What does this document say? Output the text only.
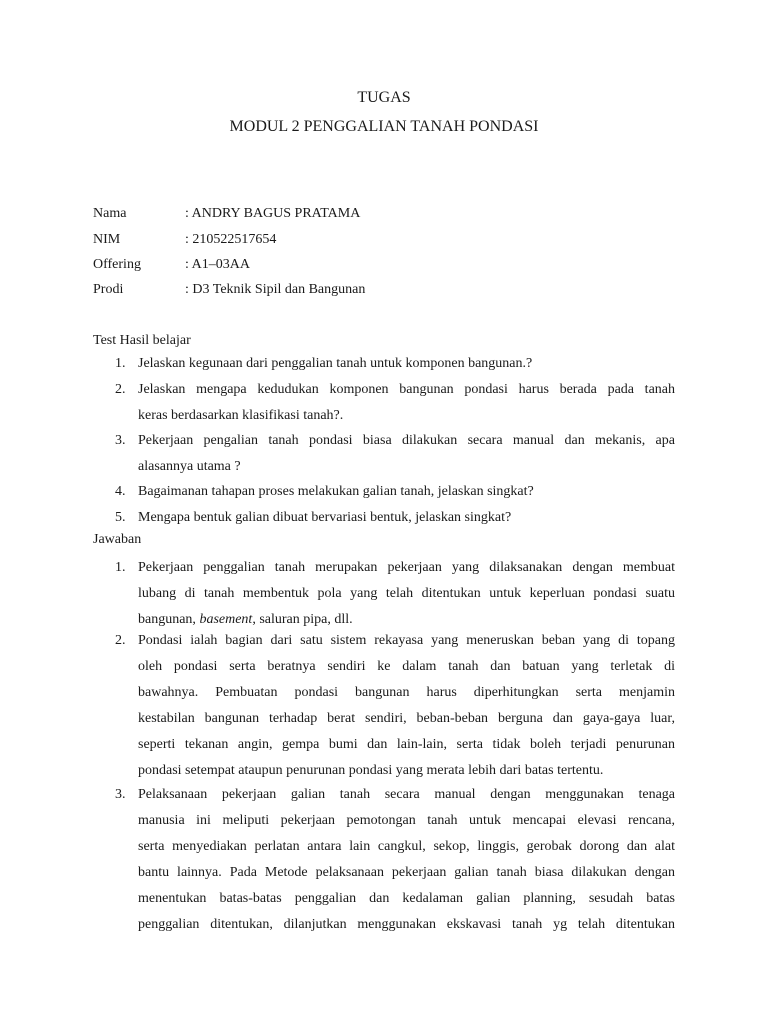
TUGAS
MODUL 2 PENGGALIAN TANAH PONDASI
Nama	: ANDRY BAGUS PRATAMA
NIM	: 210522517654
Offering	: A1–03AA
Prodi	: D3 Teknik Sipil dan Bangunan
Test Hasil belajar
1. Jelaskan kegunaan dari penggalian tanah untuk komponen bangunan.?
2. Jelaskan mengapa kedudukan komponen bangunan pondasi harus berada pada tanah
keras berdasarkan klasifikasi tanah?.
3. Pekerjaan pengalian tanah pondasi biasa dilakukan secara manual dan mekanis, apa
alasannya utama ?
4. Bagaimanan tahapan proses melakukan galian tanah, jelaskan singkat?
5. Mengapa bentuk galian dibuat bervariasi bentuk, jelaskan singkat?
Jawaban
1. Pekerjaan penggalian tanah merupakan pekerjaan yang dilaksanakan dengan membuat
lubang di tanah membentuk pola yang telah ditentukan untuk keperluan pondasi suatu
bangunan, basement, saluran pipa, dll.
2. Pondasi ialah bagian dari satu sistem rekayasa yang meneruskan beban yang di topang
oleh pondasi serta beratnya sendiri ke dalam tanah dan batuan yang terletak di
bawahnya. Pembuatan pondasi bangunan harus diperhitungkan serta menjamin
kestabilan bangunan terhadap berat sendiri, beban-beban berguna dan gaya-gaya luar,
seperti tekanan angin, gempa bumi dan lain-lain, serta tidak boleh terjadi penurunan
pondasi setempat ataupun penurunan pondasi yang merata lebih dari batas tertentu.
3. Pelaksanaan pekerjaan galian tanah secara manual dengan menggunakan tenaga
manusia ini meliputi pekerjaan pemotongan tanah untuk mencapai elevasi rencana,
serta menyediakan perlatan antara lain cangkul, sekop, linggis, gerobak dorong dan alat
bantu lainnya. Pada Metode pelaksanaan pekerjaan galian tanah biasa dilakukan dengan
menentukan batas-batas penggalian dan kedalaman galian planning, sesudah batas
penggalian ditentukan, dilanjutkan menggunakan ekskavasi tanah yg telah ditentukan
